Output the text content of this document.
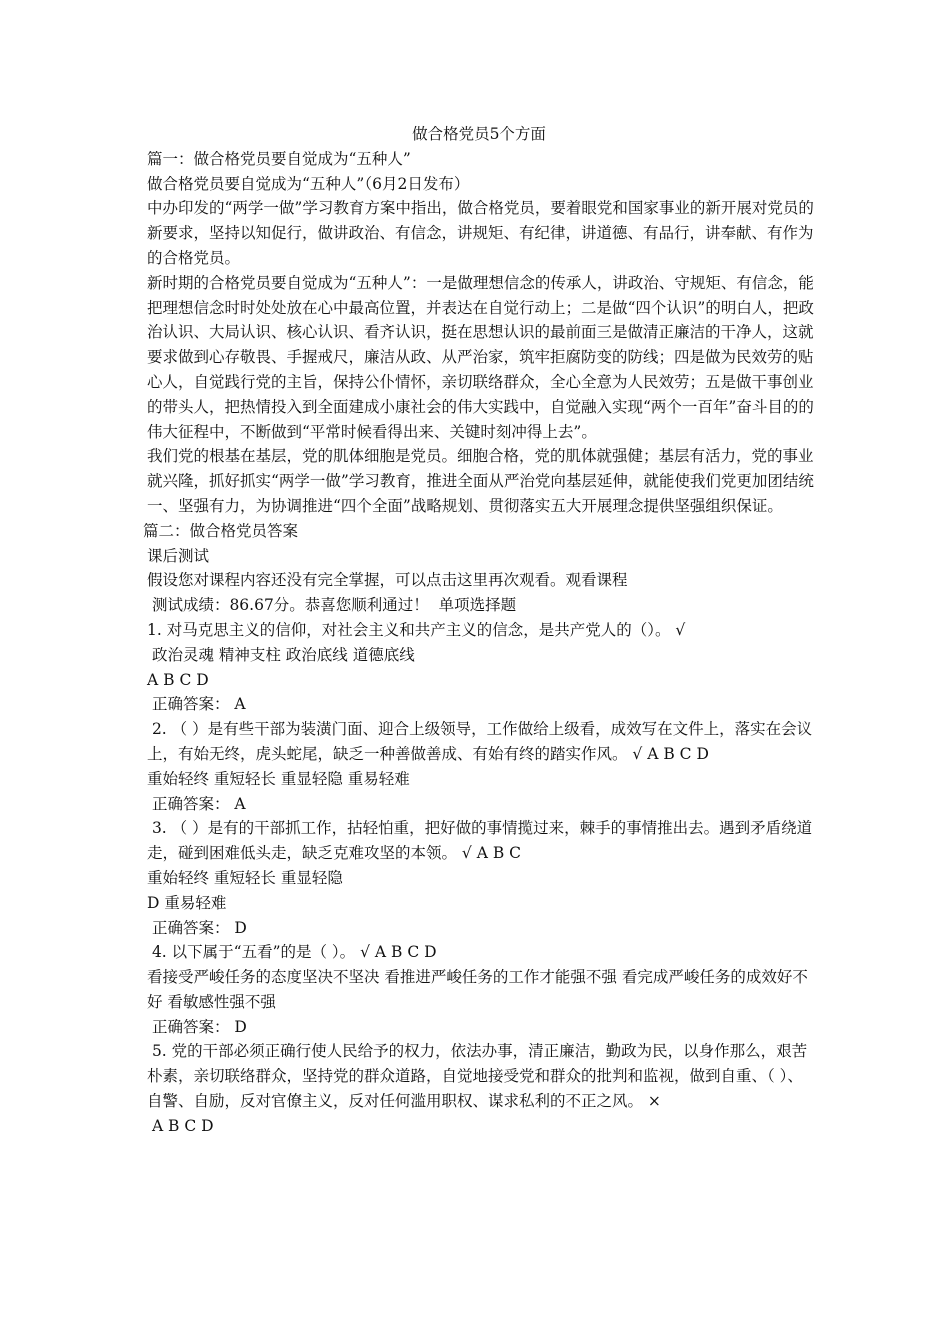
做合格党员5个方面

篇一：做合格党员要自觉成为“五种人”

做合格党员要自觉成为“五种人”（6月2日发布）

中办印发的“两学一做”学习教育方案中指出，做合格党员，要着眼党和国家事业的新开展对党员的新要求，坚持以知促行，做讲政治、有信念，讲规矩、有纪律，讲道德、有品行，讲奉献、有作为的合格党员。

新时期的合格党员要自觉成为“五种人”：一是做理想信念的传承人，讲政治、守规矩、有信念，能把理想信念时时处处放在心中最高位置，并表达在自觉行动上；二是做“四个认识”的明白人，把政治认识、大局认识、核心认识、看齐认识，挺在思想认识的最前面三是做清正廉洁的干净人，这就要求做到心存敬畏、手握戒尺，廉洁从政、从严治家，筑牢拒腐防变的防线；四是做为民效劳的贴心人，自觉践行党的主旨，保持公仆情怀，亲切联络群众，全心全意为人民效劳；五是做干事创业的带头人，把热情投入到全面建成小康社会的伟大实践中，自觉融入实现“两个一百年”奋斗目的的伟大征程中，不断做到“平常时候看得出来、关键时刻冲得上去”。

我们党的根基在基层，党的肌体细胞是党员。细胞合格，党的肌体就强健；基层有活力，党的事业就兴隆，抓好抓实“两学一做”学习教育，推进全面从严治党向基层延伸，就能使我们党更加团结统一、坚强有力，为协调推进“四个全面”战略规划、贯彻落实五大开展理念提供坚强组织保证。

篇二：做合格党员答案

课后测试

假设您对课程内容还没有完全掌握，可以点击这里再次观看。观看课程

测试成绩：86.67分。恭喜您顺利通过！  单项选择题

1. 对马克思主义的信仰，对社会主义和共产主义的信念，是共产党人的（）。 √

政治灵魂 精神支柱 政治底线 道德底线

A B C D

正确答案： A

2. （ ）是有些干部为装潢门面、迎合上级领导，工作做给上级看，成效写在文件上，落实在会议上，有始无终，虎头蛇尾，缺乏一种善做善成、有始有终的踏实作风。 √ A B C D

重始轻终 重短轻长 重显轻隐 重易轻难

正确答案： A

3. （ ）是有的干部抓工作，拈轻怕重，把好做的事情揽过来，棘手的事情推出去。遇到矛盾绕道走，碰到困难低头走，缺乏克难攻坚的本领。 √ A B C

重始轻终 重短轻长 重显轻隐

D 重易轻难

正确答案： D

4. 以下属于“五看”的是（ ）。 √ A B C D

看接受严峻任务的态度坚决不坚决 看推进严峻任务的工作才能强不强 看完成严峻任务的成效好不好 看敏感性强不强

正确答案： D

5. 党的干部必须正确行使人民给予的权力，依法办事，清正廉洁，勤政为民，以身作那么，艰苦朴素，亲切联络群众，坚持党的群众道路，自觉地接受党和群众的批判和监视，做到自重、（ ）、自警、自励，反对官僚主义，反对任何滥用职权、谋求私利的不正之风。 ×

A B C D
